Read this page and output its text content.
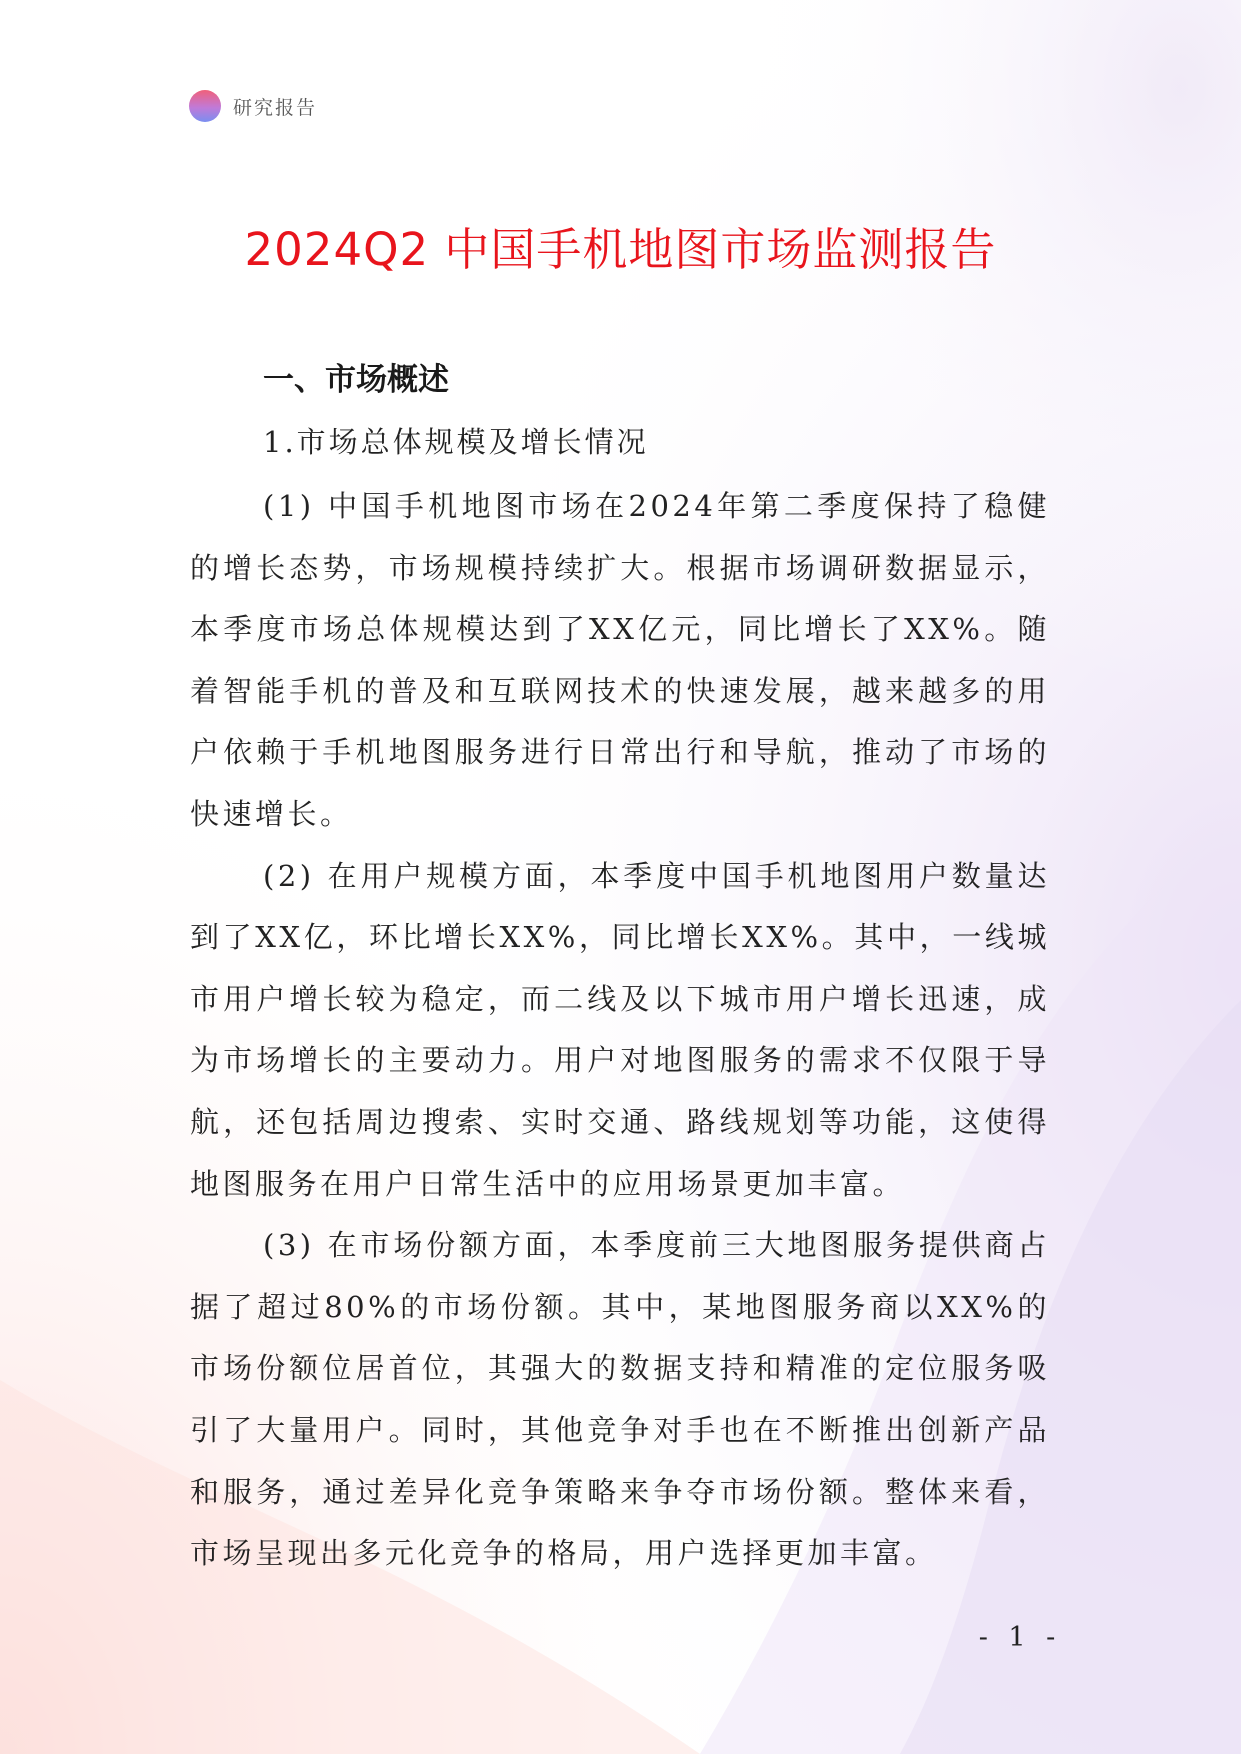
研究报告
2024Q2 中国手机地图市场监测报告
一、市场概述
1.市场总体规模及增长情况

(1) 中国手机地图市场在2024年第二季度保持了稳健的增长态势，市场规模持续扩大。根据市场调研数据显示，本季度市场总体规模达到了XX亿元，同比增长了XX%。随着智能手机的普及和互联网技术的快速发展，越来越多的用户依赖于手机地图服务进行日常出行和导航，推动了市场的快速增长。

(2) 在用户规模方面，本季度中国手机地图用户数量达到了XX亿，环比增长XX%，同比增长XX%。其中，一线城市用户增长较为稳定，而二线及以下城市用户增长迅速，成为市场增长的主要动力。用户对地图服务的需求不仅限于导航，还包括周边搜索、实时交通、路线规划等功能，这使得地图服务在用户日常生活中的应用场景更加丰富。

(3) 在市场份额方面，本季度前三大地图服务提供商占据了超过80%的市场份额。其中，某地图服务商以XX%的市场份额位居首位，其强大的数据支持和精准的定位服务吸引了大量用户。同时，其他竞争对手也在不断推出创新产品和服务，通过差异化竞争策略来争夺市场份额。整体来看，市场呈现出多元化竞争的格局，用户选择更加丰富。

- 1 -
